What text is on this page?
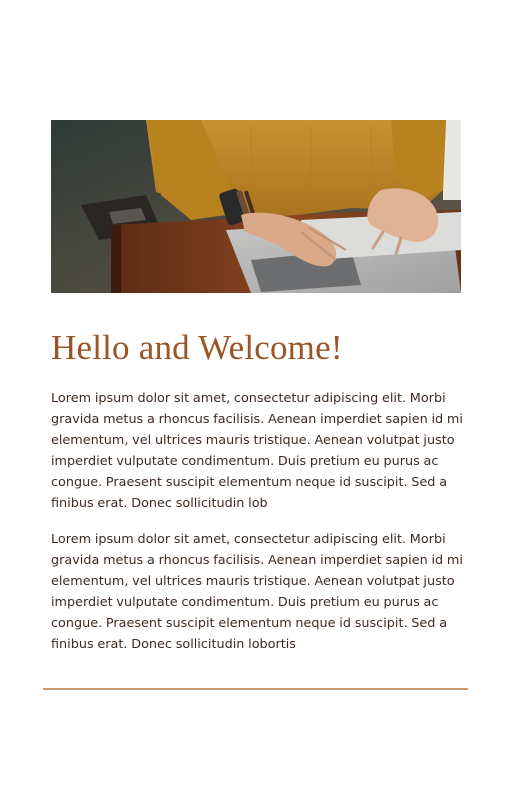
Hello and Welcome!

Lorem ipsum dolor sit amet, consectetur adipiscing elit. Morbi gravida metus a rhoncus facilisis. Aenean imperdiet sapien id mi elementum, vel ultrices mauris tristique. Aenean volutpat justo imperdiet vulputate condimentum. Duis pretium eu purus ac congue. Praesent suscipit elementum neque id suscipit. Sed a finibus erat. Donec sollicitudin lob

Lorem ipsum dolor sit amet, consectetur adipiscing elit. Morbi gravida metus a rhoncus facilisis. Aenean imperdiet sapien id mi elementum, vel ultrices mauris tristique. Aenean volutpat justo imperdiet vulputate condimentum. Duis pretium eu purus ac congue. Praesent suscipit elementum neque id suscipit. Sed a finibus erat. Donec sollicitudin lobortis
